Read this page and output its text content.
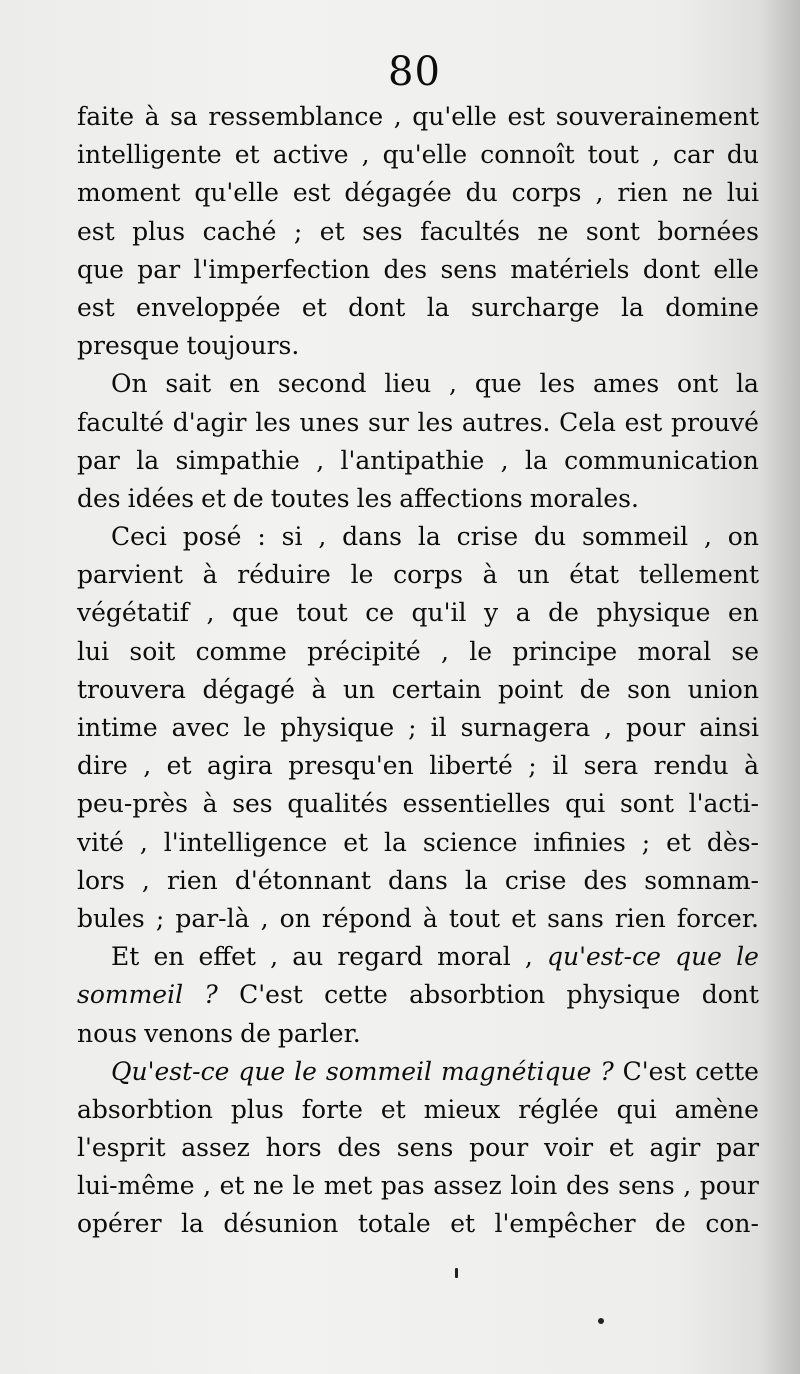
80
faite à sa ressemblance , qu'elle est souverainement
intelligente et active , qu'elle connoît tout , car du
moment qu'elle est dégagée du corps , rien ne lui
est plus caché ; et ses facultés ne sont bornées
que par l'imperfection des sens matériels dont elle
est enveloppée et dont la surcharge la domine
presque toujours.
On sait en second lieu , que les ames ont la
faculté d'agir les unes sur les autres. Cela est prouvé
par la simpathie , l'antipathie , la communication
des idées et de toutes les affections morales.
Ceci posé : si , dans la crise du sommeil , on
parvient à réduire le corps à un état tellement
végétatif , que tout ce qu'il y a de physique en
lui soit comme précipité , le principe moral se
trouvera dégagé à un certain point de son union
intime avec le physique ; il surnagera , pour ainsi
dire , et agira presqu'en liberté ; il sera rendu à
peu-près à ses qualités essentielles qui sont l'acti-
vité , l'intelligence et la science infinies ; et dès-
lors , rien d'étonnant dans la crise des somnam-
bules ; par-là , on répond à tout et sans rien forcer.
Et en effet , au regard moral , qu'est-ce que le
sommeil ? C'est cette absorbtion physique dont
nous venons de parler.
Qu'est-ce que le sommeil magnétique ? C'est cette
absorbtion plus forte et mieux réglée qui amène
l'esprit assez hors des sens pour voir et agir par
lui-même , et ne le met pas assez loin des sens , pour
opérer la désunion totale et l'empêcher de con-
